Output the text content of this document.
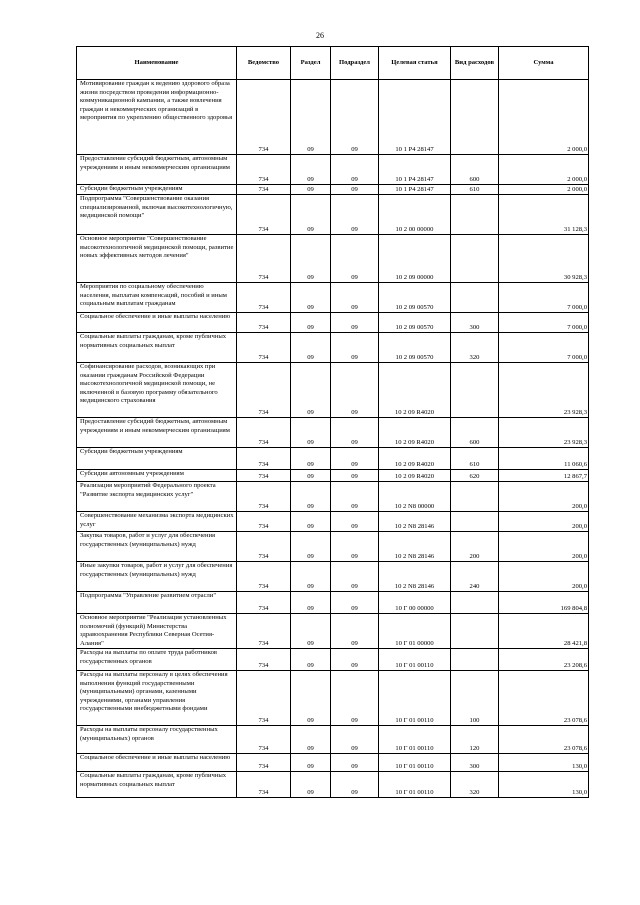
26
Наименование	Ведомство	Раздел	Подраздел	Целевая статья	Вид расходов	Сумма
Мотивирование граждан к ведению здорового образа жизни посредством проведения информационно-коммуникационной кампании, а также вовлечения граждан и некоммерческих организаций в мероприятия по укреплению общественного здоровья	734	09	09	10 1 P4 28147		2 000,0
Предоставление субсидий бюджетным, автономным учреждениям и иным некоммерческим организациям	734	09	09	10 1 P4 28147	600	2 000,0
Субсидии бюджетным учреждениям	734	09	09	10 1 P4 28147	610	2 000,0
Подпрограмма "Совершенствование оказания специализированной, включая высокотехнологичную, медицинской помощи"	734	09	09	10 2 00 00000		31 128,3
Основное мероприятие "Совершенствование высокотехнологичной медицинской помощи, развитие новых эффективных методов лечения"	734	09	09	10 2 09 00000		30 928,3
Мероприятия по социальному обеспечению населения, выплатам компенсаций, пособий и иным социальным выплатам гражданам	734	09	09	10 2 09 00570		7 000,0
Социальное обеспечение и иные выплаты населению	734	09	09	10 2 09 00570	300	7 000,0
Социальные выплаты гражданам, кроме публичных нормативных социальных выплат	734	09	09	10 2 09 00570	320	7 000,0
Софинансирование расходов, возникающих при оказании гражданам Российской Федерации высокотехнологичной медицинской помощи, не включенной в базовую программу обязательного медицинского страхования	734	09	09	10 2 09 R4020		23 928,3
Предоставление субсидий бюджетным, автономным учреждениям и иным некоммерческим организациям	734	09	09	10 2 09 R4020	600	23 928,3
Субсидии бюджетным учреждениям	734	09	09	10 2 09 R4020	610	11 060,6
Субсидии автономным учреждениям	734	09	09	10 2 09 R4020	620	12 867,7
Реализация мероприятий Федерального проекта "Развитие экспорта медицинских услуг"	734	09	09	10 2 N8 00000		200,0
Совершенствование механизма экспорта медицинских услуг	734	09	09	10 2 N8 28146		200,0
Закупка товаров, работ и услуг для обеспечения государственных (муниципальных) нужд	734	09	09	10 2 N8 28146	200	200,0
Иные закупки товаров, работ и услуг для обеспечения государственных (муниципальных) нужд	734	09	09	10 2 N8 28146	240	200,0
Подпрограмма "Управление развитием отрасли"	734	09	09	10 Г 00 00000		169 804,8
Основное мероприятие "Реализация установленных полномочий (функций) Министерства здравоохранения Республики Северная Осетия-Алания"	734	09	09	10 Г 01 00000		28 421,8
Расходы на выплаты по оплате труда работников государственных органов	734	09	09	10 Г 01 00110		23 208,6
Расходы на выплаты персоналу в целях обеспечения выполнения функций государственными (муниципальными) органами, казенными учреждениями, органами управления государственными внебюджетными фондами	734	09	09	10 Г 01 00110	100	23 078,6
Расходы на выплаты персоналу государственных (муниципальных) органов	734	09	09	10 Г 01 00110	120	23 078,6
Социальное обеспечение и иные выплаты населению	734	09	09	10 Г 01 00110	300	130,0
Социальные выплаты гражданам, кроме публичных нормативных социальных выплат	734	09	09	10 Г 01 00110	320	130,0
